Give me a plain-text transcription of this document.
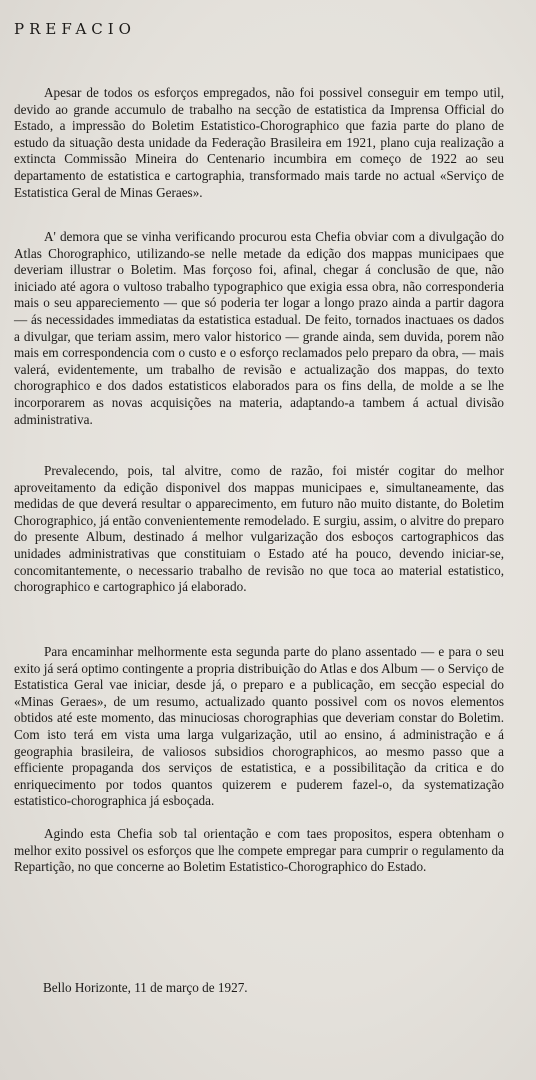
PREFACIO

Apesar de todos os esforços empregados, não foi possivel conseguir em tempo util, devido ao grande accumulo de trabalho na secção de estatistica da Imprensa Official do Estado, a impressão do Boletim Estatistico-Chorographico que fazia parte do plano de estudo da situação desta unidade da Federação Brasileira em 1921, plano cuja realização a extincta Commissão Mineira do Centenario incumbira em começo de 1922 ao seu departamento de estatistica e cartographia, transformado mais tarde no actual «Serviço de Estatistica Geral de Minas Geraes».

A' demora que se vinha verificando procurou esta Chefia obviar com a divulgação do Atlas Chorographico, utilizando-se nelle metade da edição dos mappas municipaes que deveriam illustrar o Boletim. Mas forçoso foi, afinal, chegar á conclusão de que, não iniciado até agora o vultoso trabalho typographico que exigia essa obra, não corresponderia mais o seu appareciemento — que só poderia ter logar a longo prazo ainda a partir dagora — ás necessidades immediatas da estatistica estadual. De feito, tornados inactuaes os dados a divulgar, que teriam assim, mero valor historico — grande ainda, sem duvida, porem não mais em correspondencia com o custo e o esforço reclamados pelo preparo da obra, — mais valerá, evidentemente, um trabalho de revisão e actualização dos mappas, do texto chorographico e dos dados estatisticos elaborados para os fins della, de molde a se lhe incorporarem as novas acquisições na materia, adaptando-a tambem á actual divisão administrativa.

Prevalecendo, pois, tal alvitre, como de razão, foi mistér cogitar do melhor aproveitamento da edição disponivel dos mappas municipaes e, simultaneamente, das medidas de que deverá resultar o apparecimento, em futuro não muito distante, do Boletim Chorographico, já então convenientemente remodelado. E surgiu, assim, o alvitre do preparo do presente Album, destinado á melhor vulgarização dos esboços cartographicos das unidades administrativas que constituiam o Estado até ha pouco, devendo iniciar-se, concomitantemente, o necessario trabalho de revisão no que toca ao material estatistico, chorographico e cartographico já elaborado.

Para encaminhar melhormente esta segunda parte do plano assentado — e para o seu exito já será optimo contingente a propria distribuição do Atlas e dos Album — o Serviço de Estatistica Geral vae iniciar, desde já, o preparo e a publicação, em secção especial do «Minas Geraes», de um resumo, actualizado quanto possivel com os novos elementos obtidos até este momento, das minuciosas chorographias que deveriam constar do Boletim. Com isto terá em vista uma larga vulgarização, util ao ensino, á administração e á geographia brasileira, de valiosos subsidios chorographicos, ao mesmo passo que a efficiente propaganda dos serviços de estatistica, e a possibilitação da critica e do enriquecimento por todos quantos quizerem e puderem fazel-o, da systematização estatistico-chorographica já esboçada.

Agindo esta Chefia sob tal orientação e com taes propositos, espera obtenham o melhor exito possivel os esforços que lhe compete empregar para cumprir o regulamento da Repartição, no que concerne ao Boletim Estatistico-Chorographico do Estado.

Bello Horizonte, 11 de março de 1927.
